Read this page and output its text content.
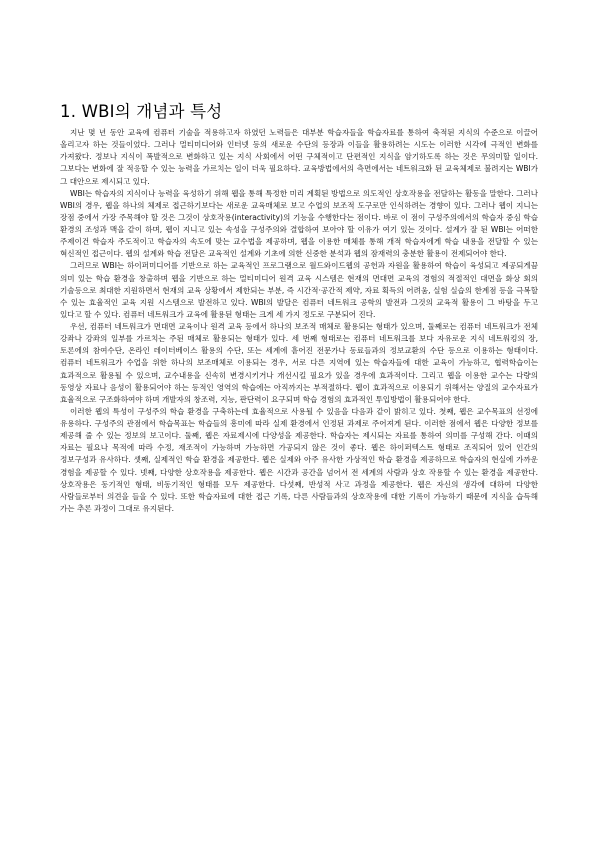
1. WBI의 개념과 특성

지난 몇 년 동안 교육에 컴퓨터 기술을 적용하고자 하였던 노력들은 대부분 학습자들을 학습자료를 통하여 축적된 지식의 수준으로 이끌어 올리고자 하는 것들이었다. 그러나 멀티미디어와 인터넷 등의 새로운 수단의 등장과 이들을 활용하려는 시도는 이러한 시각에 극적인 변화를 가져왔다. 정보나 지식이 폭발적으로 변화하고 있는 지식 사회에서 어떤 구체적이고 단편적인 지식을 암기하도록 하는 것은 무의미할 일이다. 그보다는 변화에 잘 적응할 수 있는 능력을 가르치는 일이 더욱 필요하다. 교육방법에서의 측면에서는 네트워크화 된 교육체제로 불려지는 WBI가 그 대안으로 제시되고 있다.

WBI는 학습자의 지식이나 능력을 육성하기 위해 웹을 통해 특정한 미리 계획된 방법으로 의도적인 상호작용을 전달하는 활동을 말한다. 그러나 WBI의 경우, 웹을 하나의 체제로 접근하기보다는 새로운 교육매체로 보고 수업의 보조적 도구로만 인식하려는 경향이 있다. 그러나 웹이 지니는 장점 중에서 가장 주목해야 할 것은 그것이 상호작용(interactivity)의 기능을 수행한다는 점이다. 바로 이 점이 구성주의에서의 학습자 중심 학습 환경의 조성과 맥을 같이 하며, 웹이 지니고 있는 속성을 구성주의와 결합하여 보아야 할 이유가 여기 있는 것이다. 설계가 잘 된 WBI는 어떠한 주제이건 학습자 주도적이고 학습자의 속도에 맞는 교수법을 제공하며, 웹을 이용한 매체를 통해 개적 학습자에게 학습 내용을 전달할 수 있는 혁신적인 접근이다. 웹의 설계와 학습 전달은 교육적인 설계와 기초에 의한 신중한 분석과 웹의 잠재력의 충분한 활용이 전제되어야 한다.

그러므로 WBI는 하이퍼미디어를 기반으로 하는 교육적인 프로그램으로 월드와이드웹의 공헌과 자원을 활용하여 학습이 육성되고 제공되게끔 의미 있는 학습 환경을 창출하며 웹을 기반으로 하는 멀티미디어 원격 교육 시스템은 현재의 면대면 교육의 경험의 적절적인 대면을 화상 회의 기술등으로 최대한 지원하면서 현재의 교육 상황에서 제한되는 부분, 즉 시간적·공간적 제약, 자료 획득의 어려움, 실험 실습의 한계점 등을 극복할 수 있는 효율적인 교육 지원 시스템으로 발전하고 있다. WBI의 발달은 컴퓨터 네트워크 공학의 발전과 그것의 교육적 활용이 그 바탕을 두고 있다고 할 수 있다. 컴퓨터 네트워크가 교육에 활용된 형태는 크게 세 가지 정도로 구분되어 진다.

우선, 컴퓨터 네트워크가 면대면 교육이나 원격 교육 등에서 하나의 보조적 매체로 활용되는 형태가 있으며, 둘째로는 컴퓨터 네트워크가 전체 강좌나 강좌의 일부를 가르치는 주된 매체로 활용되는 형태가 있다. 세 번째 형태로는 컴퓨터 네트워크를 보다 자유로운 지식 네트워킹의 장, 토론에의 참여수단, 온라인 데이터베이스 활용의 수단, 또는 세계에 흩어진 전문가나 동료들과의 정보교환의 수단 등으로 이용하는 형태이다. 컴퓨터 네트워크가 수업을 위한 하나의 보조매체로 이용되는 경우, 서로 다른 지역에 있는 학습자들에 대한 교육이 가능하고, 협력학습이는 효과적으로 활용될 수 있으며, 교수내용을 신속히 변경시키거나 개선시킬 필요가 있을 경우에 효과적이다. 그리고 웹을 이용한 교수는 다량의 동영상 자료나 음성이 활용되어야 하는 등적인 영역의 학습에는 아직까지는 부적절하다. 웹이 효과적으로 이용되기 위해서는 양질의 교수자료가 효율적으로 구조화하여야 하며 개발자의 창조력, 지능, 판단력이 요구되며 학습 경험의 효과적인 투입방법이 활용되어야 한다.

이러한 웹의 특성이 구성주의 학습 환경을 구축하는데 효율적으로 사용될 수 있음을 다음과 같이 밝히고 있다. 첫째, 웹은 교수목표의 선정에 유용하다. 구성주의 관점에서 학습목표는 학습들의 흥미에 따라 실제 환경에서 인정된 과제로 주어져게 된다. 이러한 점에서 웹은 다양한 정보를 제공해 줄 수 있는 정보의 보고이다. 둘째, 웹은 자료제시에 다양성을 제공한다. 학습자는 제시되는 자료를 통하여 의미를 구성해 간다. 이때의 자료는 필요나 목적에 따라 수정, 재조적이 가능하며 가능하면 가공되지 않은 것이 좋다. 웹은 하이퍼텍스트 형태로 조직되어 있어 인간의 정보구성과 유사하다. 셋째, 실제적인 학습 환경을 제공한다. 웹은 실제와 아주 유사한 가상적인 학습 환경을 제공하므로 학습자의 현실에 가까운 경험을 제공할 수 있다. 넷째, 다양한 상호작용을 제공한다. 웹은 시간과 공간을 넘어서 전 세계의 사람과 상호 작용할 수 있는 환경을 제공한다. 상호작용은 동기적인 형태, 비동기적인 형태를 모두 제공한다. 다섯째, 반성적 사고 과정을 제공한다. 웹은 자신의 생각에 대하여 다양한 사람들로부터 의견을 들을 수 있다. 또한 학습자료에 대한 접근 기록, 다른 사람들과의 상호작용에 대한 기록이 가능하기 때문에 지식을 습득해 가는 추론 과정이 그대로 유지된다.
